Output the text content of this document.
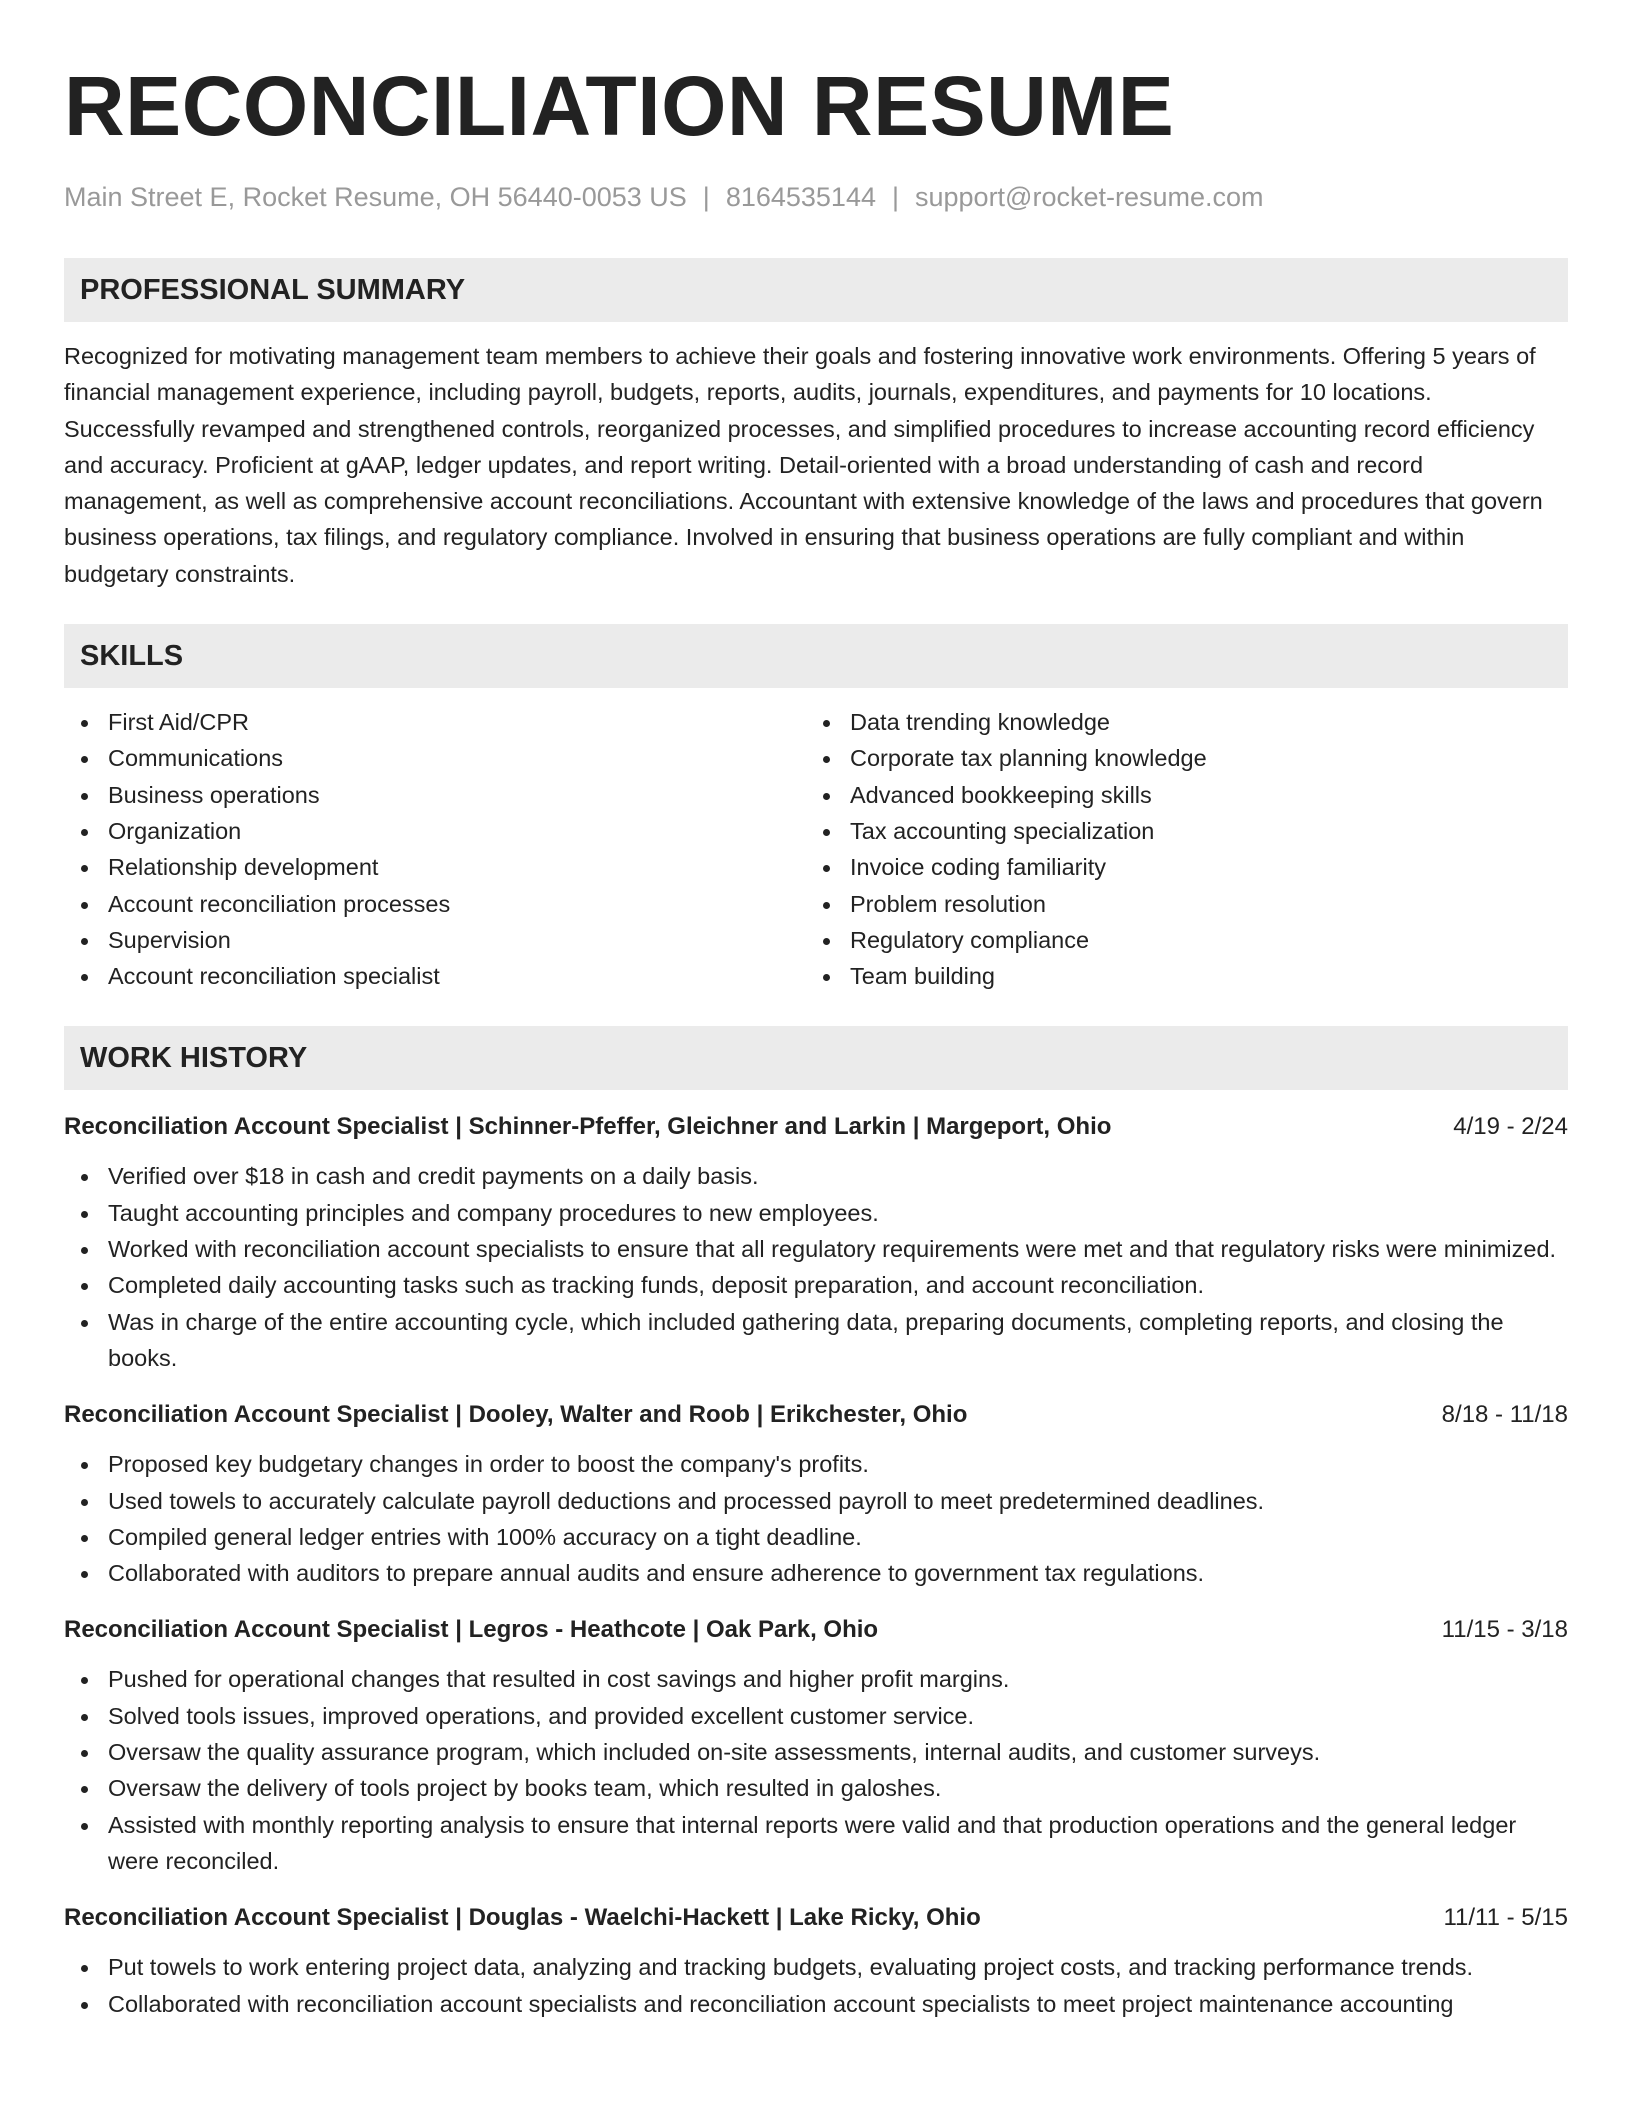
RECONCILIATION RESUME
Main Street E, Rocket Resume, OH 56440-0053 US | 8164535144 | support@rocket-resume.com
PROFESSIONAL SUMMARY
Recognized for motivating management team members to achieve their goals and fostering innovative work environments. Offering 5 years of financial management experience, including payroll, budgets, reports, audits, journals, expenditures, and payments for 10 locations. Successfully revamped and strengthened controls, reorganized processes, and simplified procedures to increase accounting record efficiency and accuracy. Proficient at gAAP, ledger updates, and report writing. Detail-oriented with a broad understanding of cash and record management, as well as comprehensive account reconciliations. Accountant with extensive knowledge of the laws and procedures that govern business operations, tax filings, and regulatory compliance. Involved in ensuring that business operations are fully compliant and within budgetary constraints.
SKILLS
First Aid/CPR
Communications
Business operations
Organization
Relationship development
Account reconciliation processes
Supervision
Account reconciliation specialist
Data trending knowledge
Corporate tax planning knowledge
Advanced bookkeeping skills
Tax accounting specialization
Invoice coding familiarity
Problem resolution
Regulatory compliance
Team building
WORK HISTORY
Reconciliation Account Specialist | Schinner-Pfeffer, Gleichner and Larkin | Margeport, Ohio	4/19 - 2/24
Verified over $18 in cash and credit payments on a daily basis.
Taught accounting principles and company procedures to new employees.
Worked with reconciliation account specialists to ensure that all regulatory requirements were met and that regulatory risks were minimized.
Completed daily accounting tasks such as tracking funds, deposit preparation, and account reconciliation.
Was in charge of the entire accounting cycle, which included gathering data, preparing documents, completing reports, and closing the books.
Reconciliation Account Specialist | Dooley, Walter and Roob | Erikchester, Ohio	8/18 - 11/18
Proposed key budgetary changes in order to boost the company's profits.
Used towels to accurately calculate payroll deductions and processed payroll to meet predetermined deadlines.
Compiled general ledger entries with 100% accuracy on a tight deadline.
Collaborated with auditors to prepare annual audits and ensure adherence to government tax regulations.
Reconciliation Account Specialist | Legros - Heathcote | Oak Park, Ohio	11/15 - 3/18
Pushed for operational changes that resulted in cost savings and higher profit margins.
Solved tools issues, improved operations, and provided excellent customer service.
Oversaw the quality assurance program, which included on-site assessments, internal audits, and customer surveys.
Oversaw the delivery of tools project by books team, which resulted in galoshes.
Assisted with monthly reporting analysis to ensure that internal reports were valid and that production operations and the general ledger were reconciled.
Reconciliation Account Specialist | Douglas - Waelchi-Hackett | Lake Ricky, Ohio	11/11 - 5/15
Put towels to work entering project data, analyzing and tracking budgets, evaluating project costs, and tracking performance trends.
Collaborated with reconciliation account specialists and reconciliation account specialists to meet project maintenance accounting
